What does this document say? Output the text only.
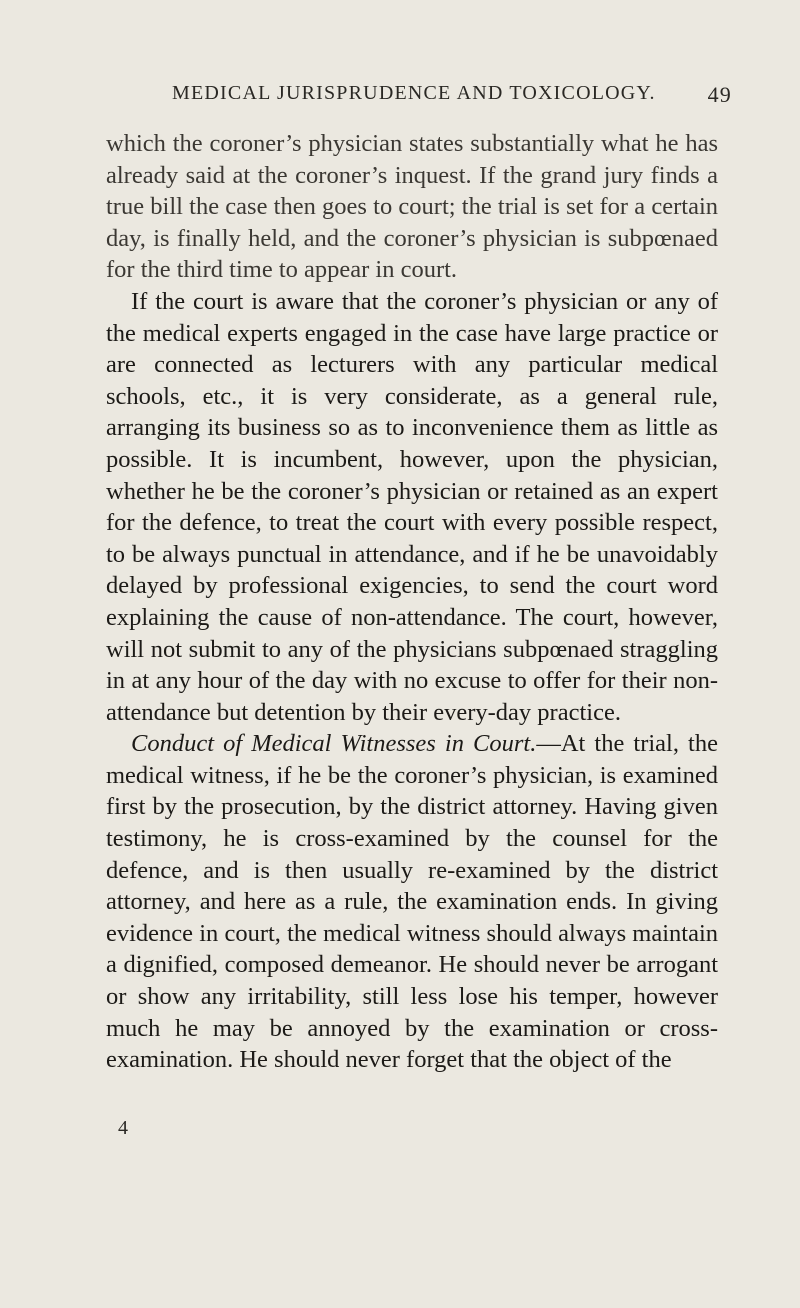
MEDICAL JURISPRUDENCE AND TOXICOLOGY. 49

which the coroner’s physician states substantially what he has already said at the coroner’s inquest. If the grand jury finds a true bill the case then goes to court; the trial is set for a certain day, is finally held, and the coroner’s physician is subpœnaed for the third time to appear in court.

If the court is aware that the coroner’s physician or any of the medical experts engaged in the case have large practice or are connected as lecturers with any particular medical schools, etc., it is very considerate, as a general rule, arranging its business so as to inconvenience them as little as possible. It is incumbent, however, upon the physician, whether he be the coroner’s physician or retained as an expert for the defence, to treat the court with every possible respect, to be always punctual in attendance, and if he be unavoidably delayed by professional exigencies, to send the court word explaining the cause of non-attendance. The court, however, will not submit to any of the physicians subpœnaed straggling in at any hour of the day with no excuse to offer for their non-attendance but detention by their every-day practice.

Conduct of Medical Witnesses in Court.—At the trial, the medical witness, if he be the coroner’s physician, is examined first by the prosecution, by the district attorney. Having given testimony, he is cross-examined by the counsel for the defence, and is then usually re-examined by the district attorney, and here as a rule, the examination ends. In giving evidence in court, the medical witness should always maintain a dignified, composed demeanor. He should never be arrogant or show any irritability, still less lose his temper, however much he may be annoyed by the examination or cross-examination. He should never forget that the object of the

4
